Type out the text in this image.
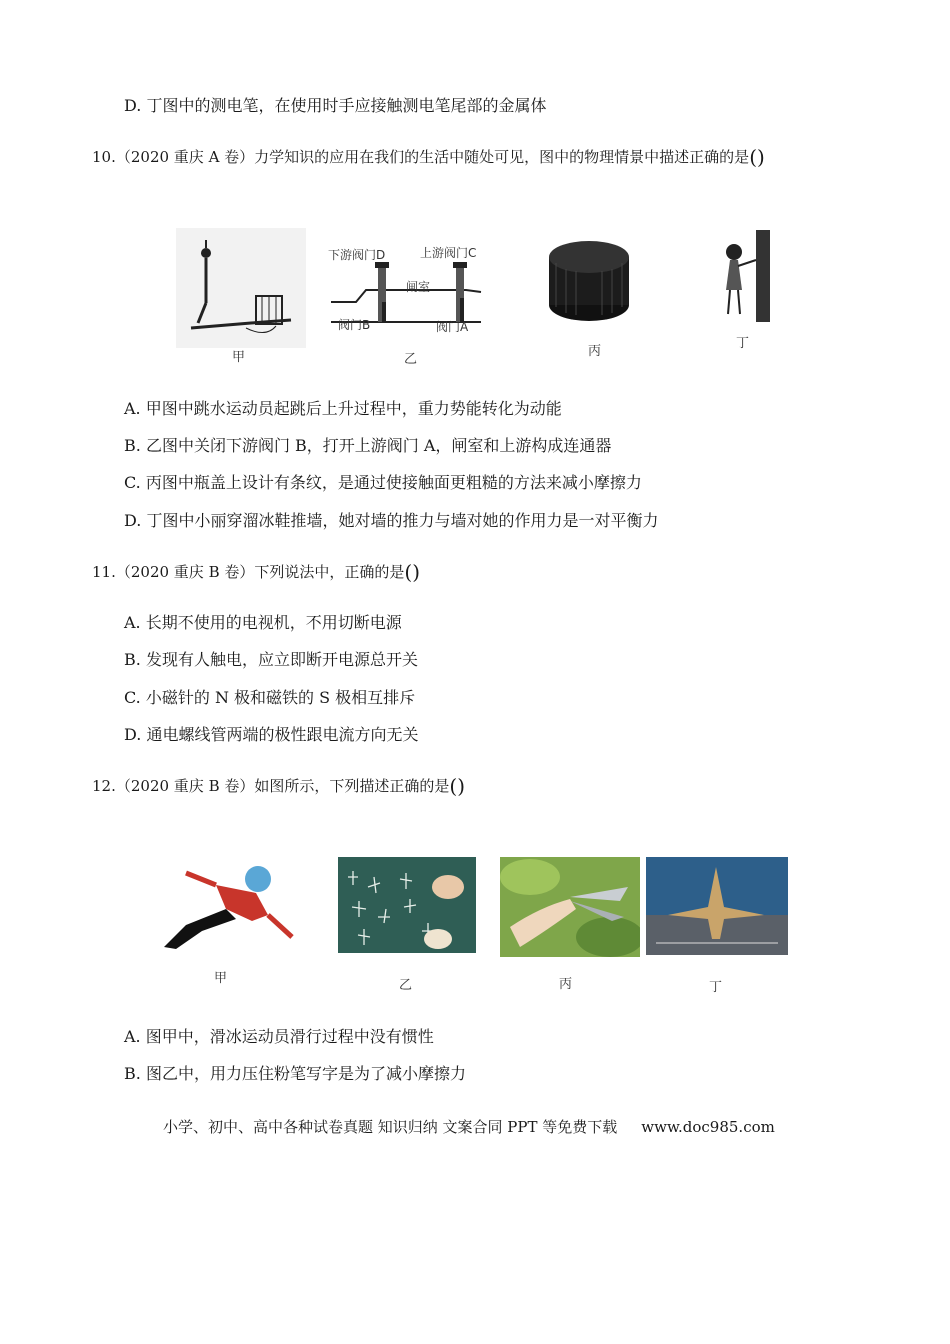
D. 丁图中的测电笔，在使用时手应接触测电笔尾部的金属体
10.（2020 重庆 A 卷）力学知识的应用在我们的生活中随处可见，图中的物理情景中描述正确的是()
下游阀门D	上游阀门C
闸室
阀门B	阀门A
甲	乙
丙
丁
A. 甲图中跳水运动员起跳后上升过程中，重力势能转化为动能
B. 乙图中关闭下游阀门 B，打开上游阀门 A，闸室和上游构成连通器
C. 丙图中瓶盖上设计有条纹，是通过使接触面更粗糙的方法来减小摩擦力
D. 丁图中小丽穿溜冰鞋推墙，她对墙的推力与墙对她的作用力是一对平衡力
11.（2020 重庆 B 卷）下列说法中，正确的是()
A. 长期不使用的电视机，不用切断电源
B. 发现有人触电，应立即断开电源总开关
C. 小磁针的 N 极和磁铁的 S 极相互排斥
D. 通电螺线管两端的极性跟电流方向无关
12.（2020 重庆 B 卷）如图所示，下列描述正确的是()
甲	乙	丙	丁
A. 图甲中，滑冰运动员滑行过程中没有惯性
B. 图乙中，用力压住粉笔写字是为了减小摩擦力
小学、初中、高中各种试卷真题 知识归纳 文案合同 PPT 等免费下载 www.doc985.com
